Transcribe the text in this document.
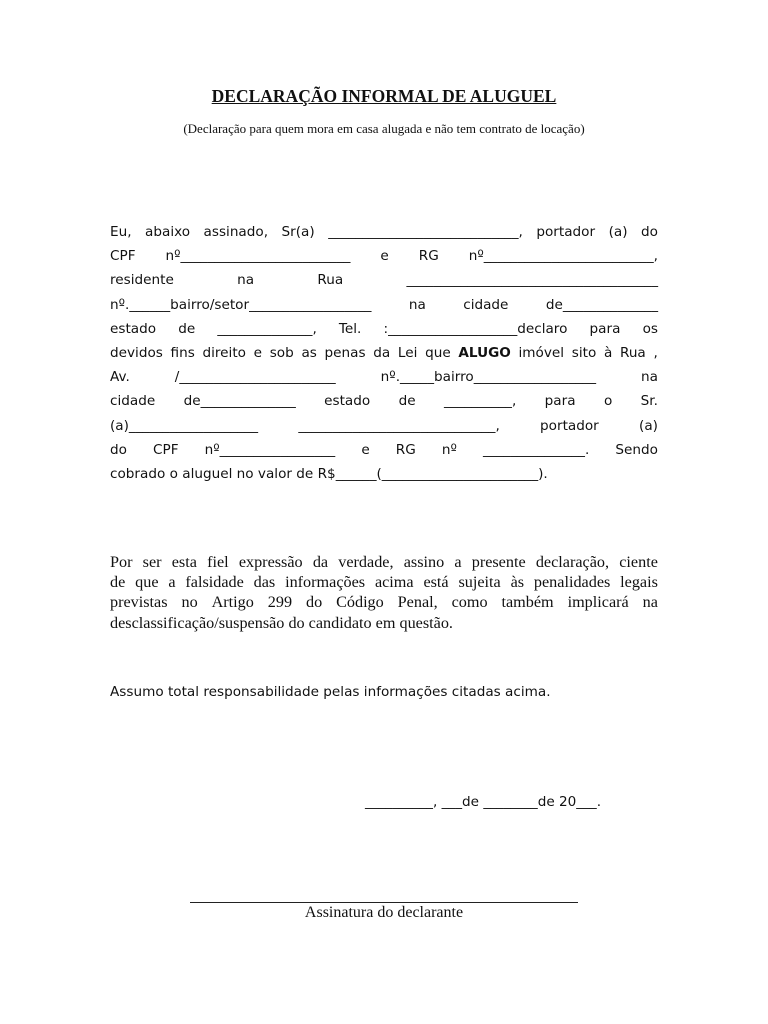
DECLARAÇÃO INFORMAL DE ALUGUEL
(Declaração para quem mora em casa alugada e não tem contrato de locação)
Eu, abaixo assinado, Sr(a) ____________________________, portador (a) do
CPF nº_________________________ e RG nº_________________________,
residente	na	Rua	_____________________________________
nº.______bairro/setor__________________	na	cidade	de______________
estado de ______________, Tel. :___________________declaro para os
devidos fins direito e sob as penas da Lei que ALUGO imóvel sito à Rua ,
Av.	/_______________________	nº._____bairro__________________	na
cidade de______________ estado de __________, para o Sr.
(a)___________________	_____________________________,	portador	(a)
do CPF nº_________________ e RG nº _______________. Sendo
cobrado o aluguel no valor de R$______(_______________________).
Por ser esta fiel expressão da verdade, assino a presente declaração, ciente
de que a falsidade das informações acima está sujeita às penalidades legais
previstas no Artigo 299 do Código Penal, como também implicará na
desclassificação/suspensão do candidato em questão.
Assumo total responsabilidade pelas informações citadas acima.
__________, ___de ________de 20___.
Assinatura do declarante
